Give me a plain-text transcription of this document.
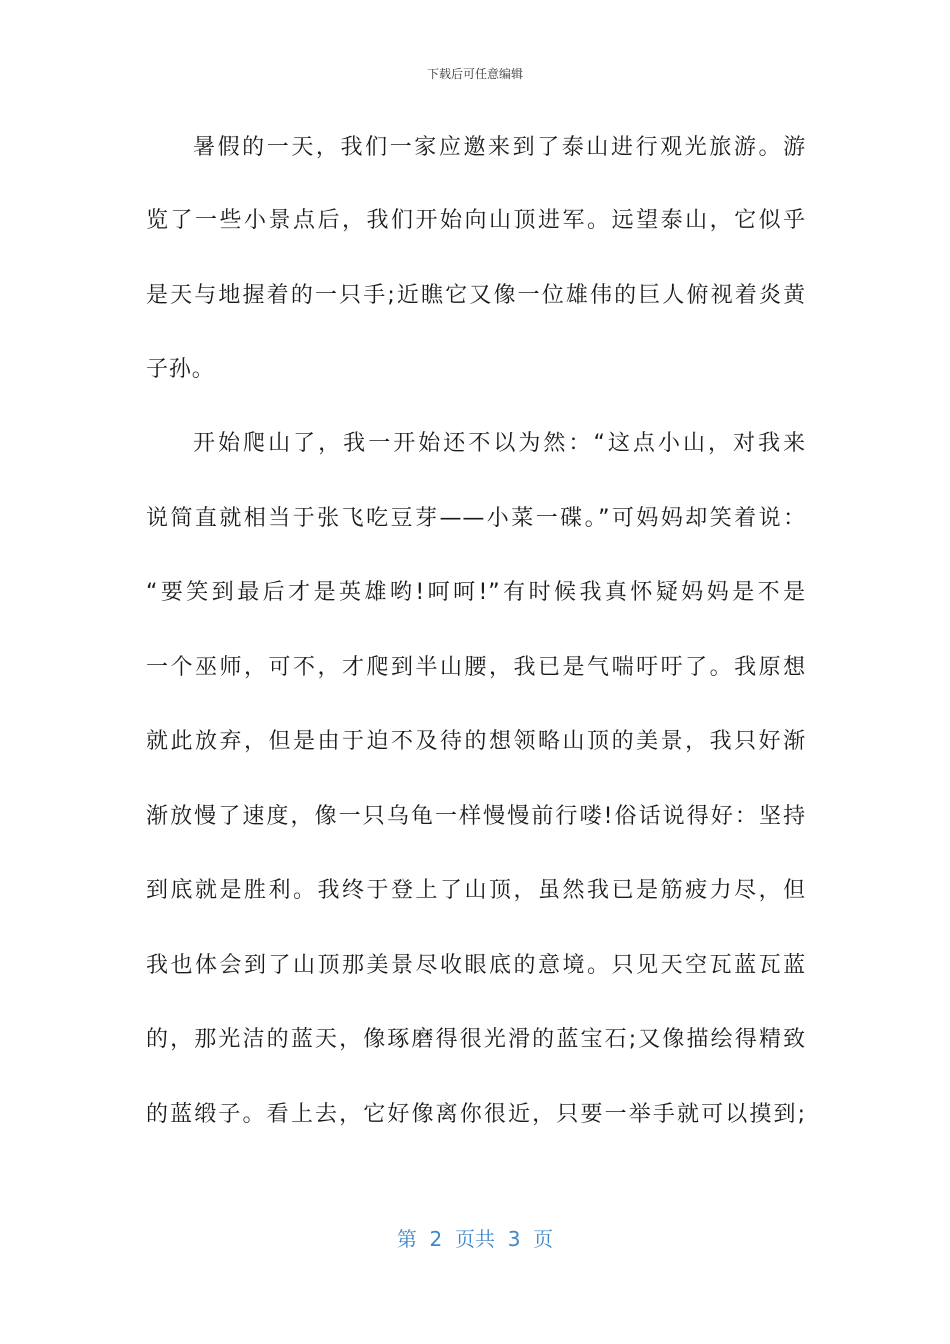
下载后可任意编辑
暑假的一天，我们一家应邀来到了泰山进行观光旅游。游
览了一些小景点后，我们开始向山顶进军。远望泰山，它似乎
是天与地握着的一只手;近瞧它又像一位雄伟的巨人俯视着炎黄
子孙。
开始爬山了，我一开始还不以为然：“这点小山，对我来
说简直就相当于张飞吃豆芽——小菜一碟。”可妈妈却笑着说：
“要笑到最后才是英雄哟!呵呵!”有时候我真怀疑妈妈是不是
一个巫师，可不，才爬到半山腰，我已是气喘吁吁了。我原想
就此放弃，但是由于迫不及待的想领略山顶的美景，我只好渐
渐放慢了速度，像一只乌龟一样慢慢前行喽!俗话说得好：坚持
到底就是胜利。我终于登上了山顶，虽然我已是筋疲力尽，但
我也体会到了山顶那美景尽收眼底的意境。只见天空瓦蓝瓦蓝
的，那光洁的蓝天，像琢磨得很光滑的蓝宝石;又像描绘得精致
的蓝缎子。看上去，它好像离你很近，只要一举手就可以摸到;
第  2  页共  3  页
